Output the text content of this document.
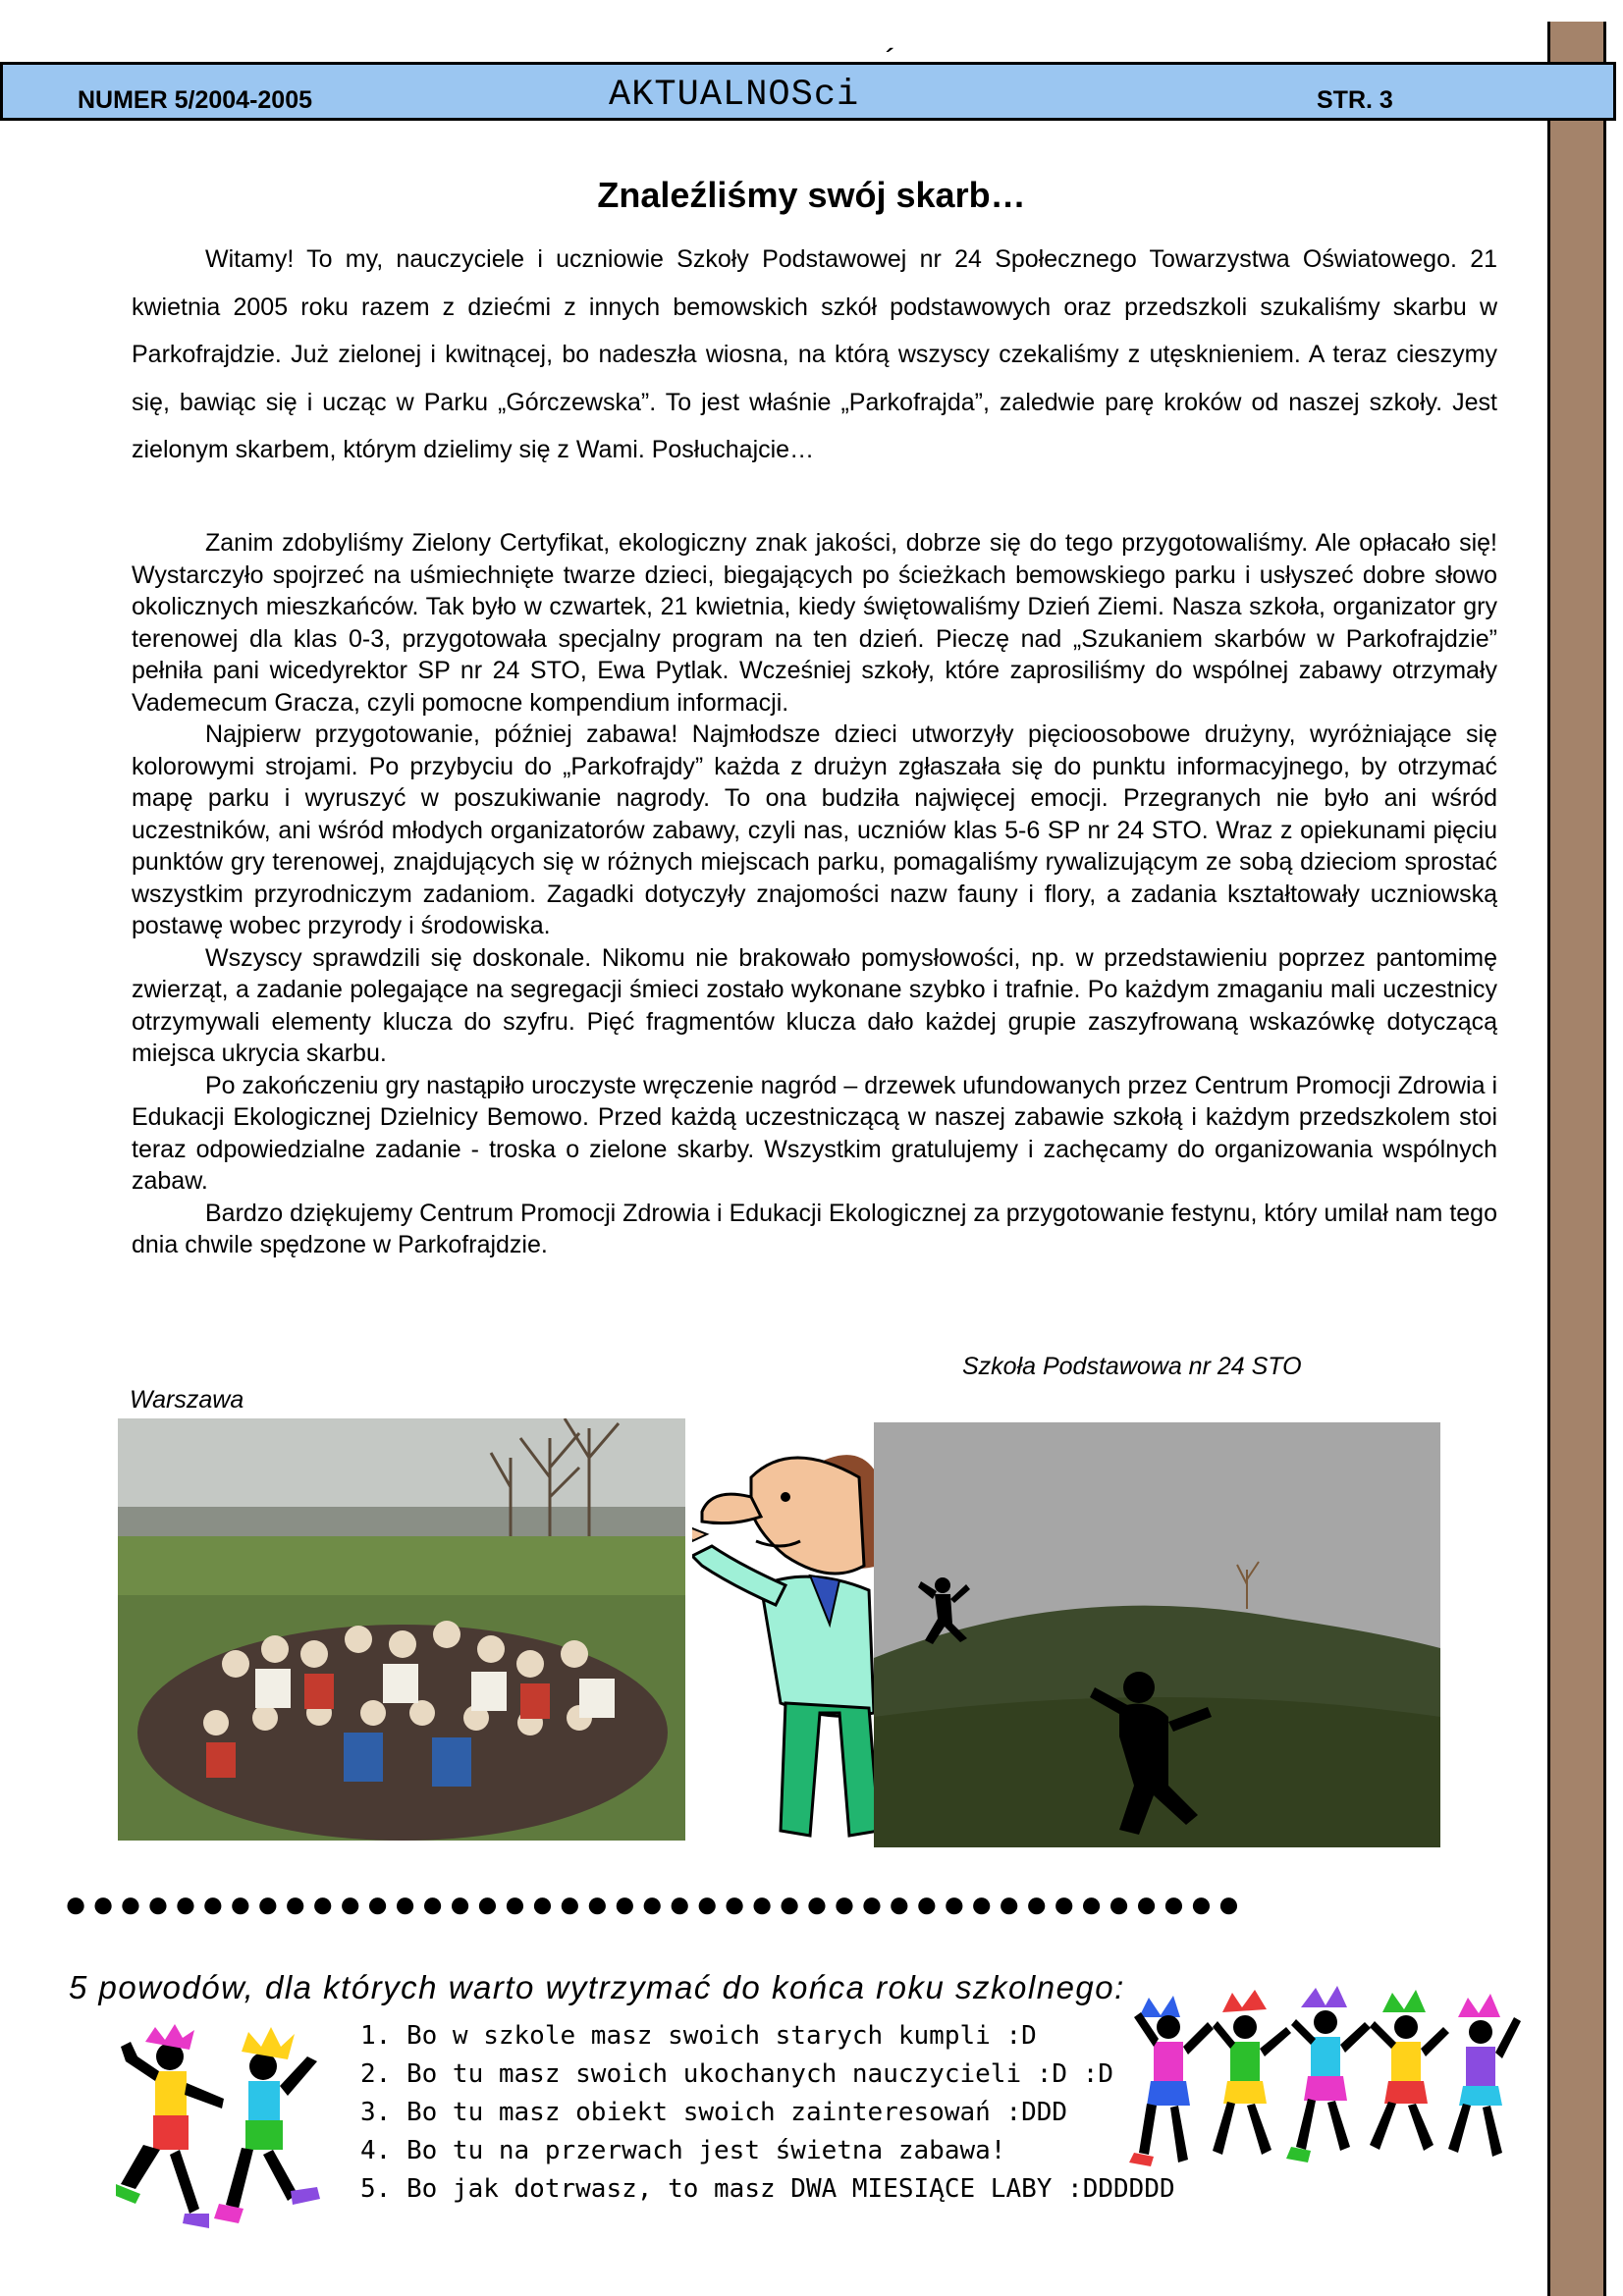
NUMER 5/2004-2005	AKTUALNOSci
´
STR. 3
Znaleźliśmy swój skarb…

Witamy! To my, nauczyciele i uczniowie Szkoły Podstawowej nr 24 Społecznego Towarzystwa Oświatowego. 21 kwietnia 2005 roku razem z dziećmi z innych bemowskich szkół podstawowych oraz przedszkoli szukaliśmy skarbu w Parkofrajdzie. Już zielonej i kwitnącej, bo nadeszła wiosna, na którą wszyscy czekaliśmy z utęsknieniem. A teraz cieszymy się, bawiąc się i ucząc w Parku „Górczewska”. To jest właśnie „Parkofrajda”, zaledwie parę kroków od naszej szkoły. Jest zielonym skarbem, którym dzielimy się z Wami. Posłuchajcie…

Zanim zdobyliśmy Zielony Certyfikat, ekologiczny znak jakości, dobrze się do tego przygotowaliśmy. Ale opłacało się! Wystarczyło spojrzeć na uśmiechnięte twarze dzieci, biegających po ścieżkach bemowskiego parku i usłyszeć dobre słowo okolicznych mieszkańców. Tak było w czwartek, 21 kwietnia, kiedy świętowaliśmy Dzień Ziemi. Nasza szkoła, organizator gry terenowej dla klas 0-3, przygotowała specjalny program na ten dzień. Pieczę nad „Szukaniem skarbów w Parkofrajdzie” pełniła pani wicedyrektor SP nr 24 STO, Ewa Pytlak. Wcześniej szkoły, które zaprosiliśmy do wspólnej zabawy otrzymały Vademecum Gracza, czyli pomocne kompendium informacji.

Najpierw przygotowanie, później zabawa! Najmłodsze dzieci utworzyły pięcioosobowe drużyny, wyróżniające się kolorowymi strojami. Po przybyciu do „Parkofrajdy” każda z drużyn zgłaszała się do punktu informacyjnego, by otrzymać mapę parku i wyruszyć w poszukiwanie nagrody. To ona budziła najwięcej emocji. Przegranych nie było ani wśród uczestników, ani wśród młodych organizatorów zabawy, czyli nas, uczniów klas 5-6 SP nr 24 STO. Wraz z opiekunami pięciu punktów gry terenowej, znajdujących się w różnych miejscach parku, pomagaliśmy rywalizującym ze sobą dzieciom sprostać wszystkim przyrodniczym zadaniom. Zagadki dotyczyły znajomości nazw fauny i flory, a zadania kształtowały uczniowską postawę wobec przyrody i środowiska.

Wszyscy sprawdzili się doskonale. Nikomu nie brakowało pomysłowości, np. w przedstawieniu poprzez pantomimę zwierząt, a zadanie polegające na segregacji śmieci zostało wykonane szybko i trafnie. Po każdym zmaganiu mali uczestnicy otrzymywali elementy klucza do szyfru. Pięć fragmentów klucza dało każdej grupie zaszyfrowaną wskazówkę dotyczącą miejsca ukrycia skarbu.

Po zakończeniu gry nastąpiło uroczyste wręczenie nagród – drzewek ufundowanych przez Centrum Promocji Zdrowia i Edukacji Ekologicznej Dzielnicy Bemowo. Przed każdą uczestniczącą w naszej zabawie szkołą i każdym przedszkolem stoi teraz odpowiedzialne zadanie - troska o zielone skarby. Wszystkim gratulujemy i zachęcamy do organizowania wspólnych zabaw.

Bardzo dziękujemy Centrum Promocji Zdrowia i Edukacji Ekologicznej za przygotowanie festynu, który umilał nam tego dnia chwile spędzone w Parkofrajdzie.

Szkoła Podstawowa nr 24 STO
Warszawa
●●●●●●●●●●●●●●●●●●●●●●●●●●●●●●●●●●●●●●●●●●●
5 powodów, dla których warto wytrzymać do końca roku szkolnego:
1. Bo w szkole masz swoich starych kumpli :D
2. Bo tu masz swoich ukochanych nauczycieli :D :D
3. Bo tu masz obiekt swoich zainteresowań :DDD
4. Bo tu na przerwach jest świetna zabawa!
5. Bo jak dotrwasz, to masz DWA MIESIĄCE LABY :DDDDDD
